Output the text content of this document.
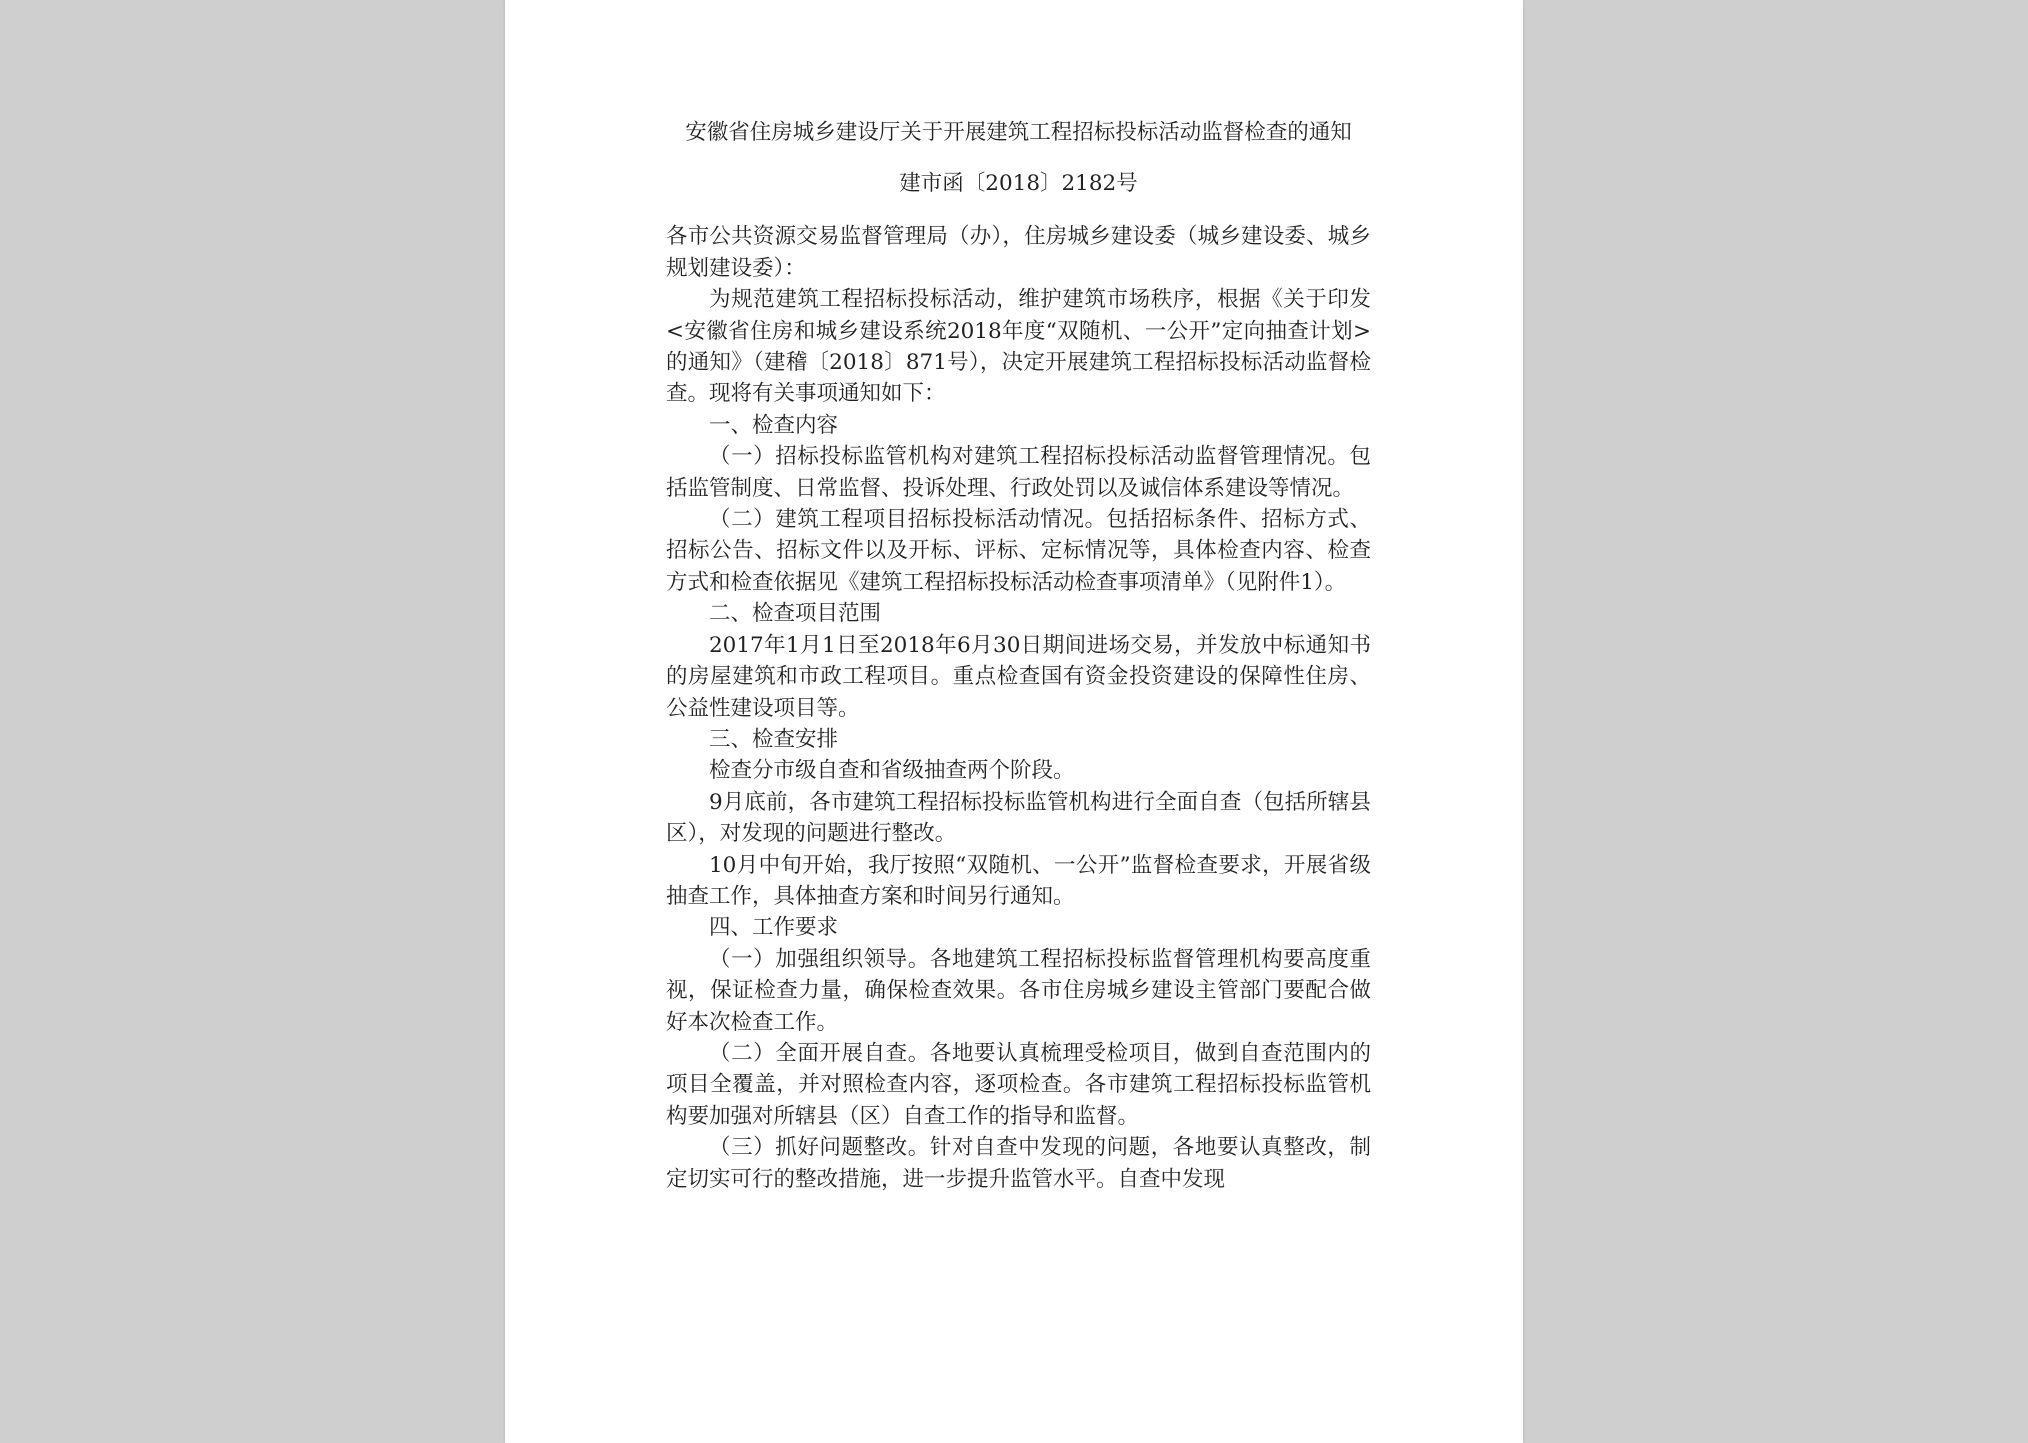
安徽省住房城乡建设厅关于开展建筑工程招标投标活动监督检查的通知
建市函〔2018〕2182号

各市公共资源交易监督管理局（办），住房城乡建设委（城乡建设委、城乡规划建设委）：

为规范建筑工程招标投标活动，维护建筑市场秩序，根据《关于印发<安徽省住房和城乡建设系统2018年度“双随机、一公开”定向抽查计划>的通知》（建稽〔2018〕871号），决定开展建筑工程招标投标活动监督检查。现将有关事项通知如下：

一、检查内容

（一）招标投标监管机构对建筑工程招标投标活动监督管理情况。包括监管制度、日常监督、投诉处理、行政处罚以及诚信体系建设等情况。

（二）建筑工程项目招标投标活动情况。包括招标条件、招标方式、招标公告、招标文件以及开标、评标、定标情况等，具体检查内容、检查方式和检查依据见《建筑工程招标投标活动检查事项清单》（见附件1）。

二、检查项目范围

2017年1月1日至2018年6月30日期间进场交易，并发放中标通知书的房屋建筑和市政工程项目。重点检查国有资金投资建设的保障性住房、公益性建设项目等。

三、检查安排

检查分市级自查和省级抽查两个阶段。

9月底前，各市建筑工程招标投标监管机构进行全面自查（包括所辖县区），对发现的问题进行整改。

10月中旬开始，我厅按照“双随机、一公开”监督检查要求，开展省级抽查工作，具体抽查方案和时间另行通知。

四、工作要求

（一）加强组织领导。各地建筑工程招标投标监督管理机构要高度重视，保证检查力量，确保检查效果。各市住房城乡建设主管部门要配合做好本次检查工作。

（二）全面开展自查。各地要认真梳理受检项目，做到自查范围内的项目全覆盖，并对照检查内容，逐项检查。各市建筑工程招标投标监管机构要加强对所辖县（区）自查工作的指导和监督。

（三）抓好问题整改。针对自查中发现的问题，各地要认真整改，制定切实可行的整改措施，进一步提升监管水平。自查中发现
